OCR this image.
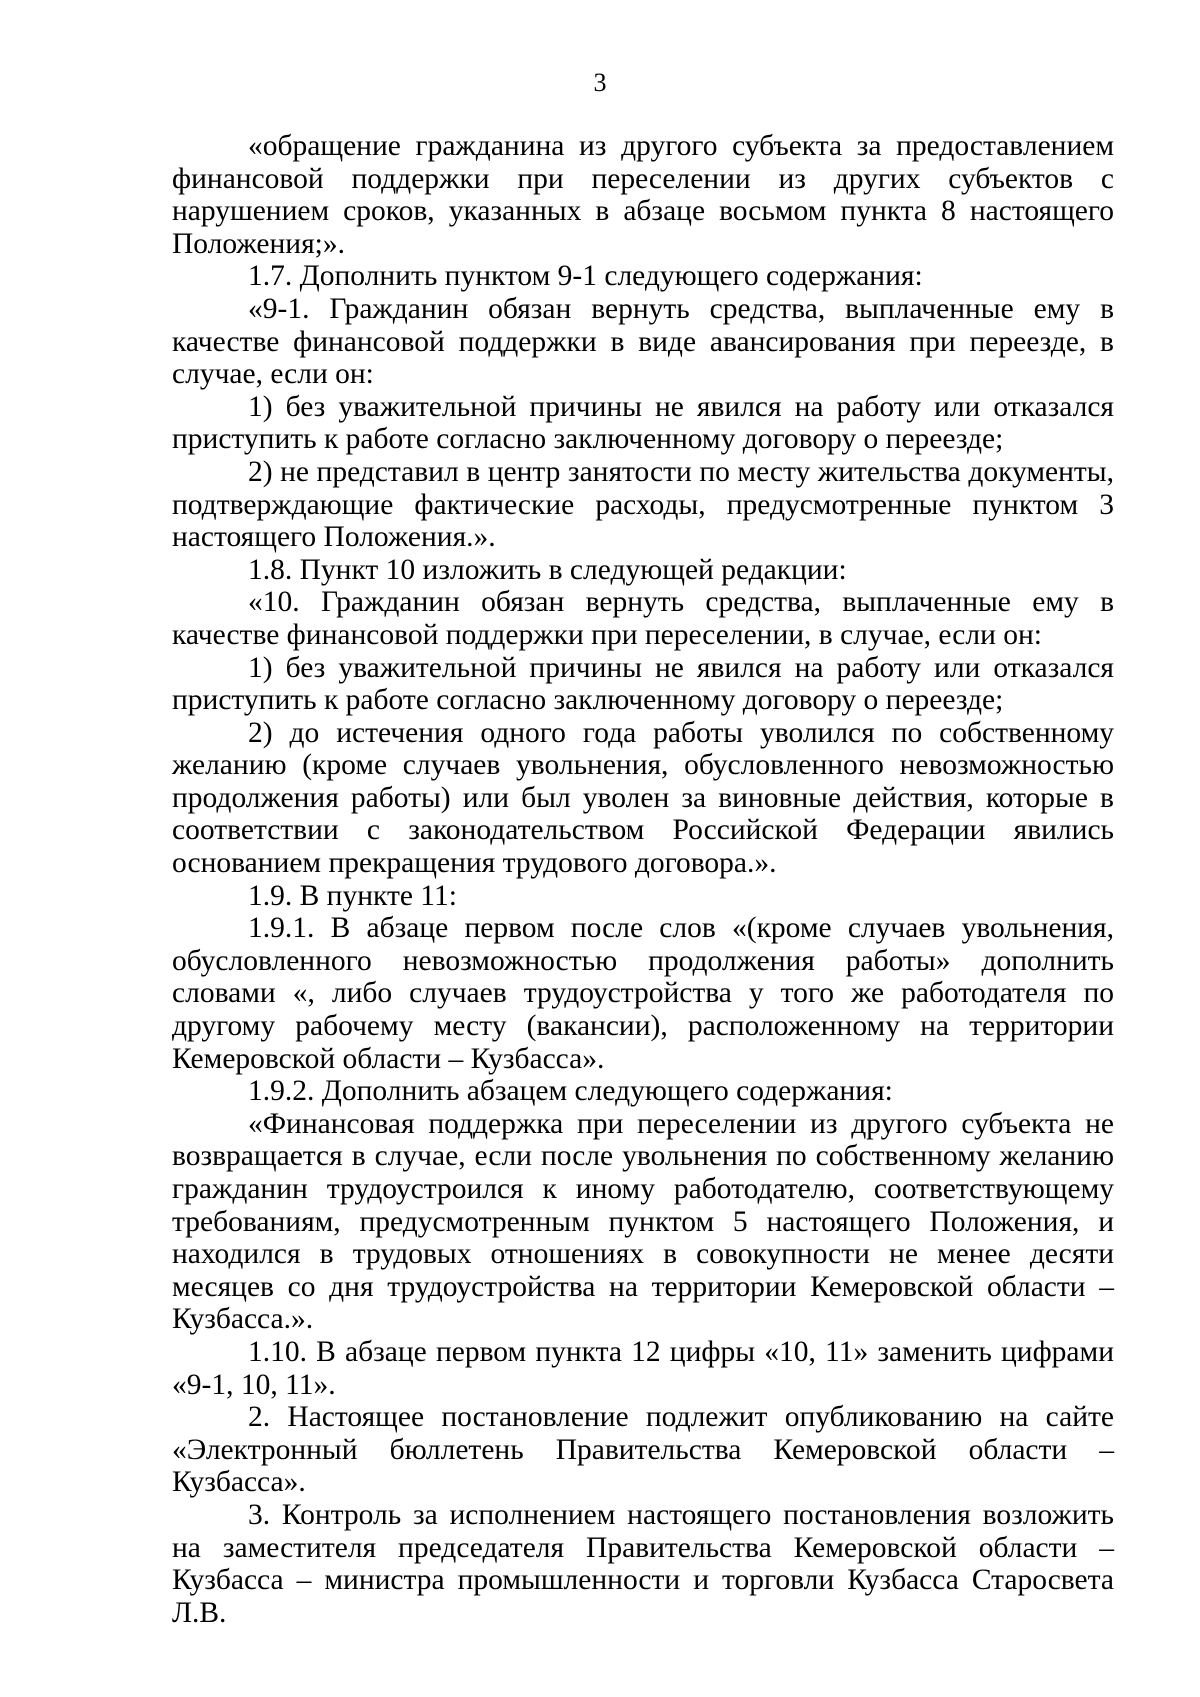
3

«обращение гражданина из другого субъекта за предоставлением финансовой поддержки при переселении из других субъектов с нарушением сроков, указанных в абзаце восьмом пункта 8 настоящего Положения;».

1.7. Дополнить пунктом 9-1 следующего содержания:

«9-1. Гражданин обязан вернуть средства, выплаченные ему в качестве финансовой поддержки в виде авансирования при переезде, в случае, если он:

1) без уважительной причины не явился на работу или отказался приступить к работе согласно заключенному договору о переезде;

2) не представил в центр занятости по месту жительства документы, подтверждающие фактические расходы, предусмотренные пунктом 3 настоящего Положения.».

1.8. Пункт 10 изложить в следующей редакции:

«10. Гражданин обязан вернуть средства, выплаченные ему в качестве финансовой поддержки при переселении, в случае, если он:

1) без уважительной причины не явился на работу или отказался приступить к работе согласно заключенному договору о переезде;

2) до истечения одного года работы уволился по собственному желанию (кроме случаев увольнения, обусловленного невозможностью продолжения работы) или был уволен за виновные действия, которые в соответствии с законодательством Российской Федерации явились основанием прекращения трудового договора.».

1.9. В пункте 11:

1.9.1. В абзаце первом после слов «(кроме случаев увольнения, обусловленного невозможностью продолжения работы» дополнить словами «, либо случаев трудоустройства у того же работодателя по другому рабочему месту (вакансии), расположенному на территории Кемеровской области – Кузбасса».

1.9.2. Дополнить абзацем следующего содержания:

«Финансовая поддержка при переселении из другого субъекта не возвращается в случае, если после увольнения по собственному желанию гражданин трудоустроился к иному работодателю, соответствующему требованиям, предусмотренным пунктом 5 настоящего Положения, и находился в трудовых отношениях в совокупности не менее десяти месяцев со дня трудоустройства на территории Кемеровской области – Кузбасса.».

1.10. В абзаце первом пункта 12 цифры «10, 11» заменить цифрами «9-1, 10, 11».

2. Настоящее постановление подлежит опубликованию на сайте «Электронный бюллетень Правительства Кемеровской области – Кузбасса».

3. Контроль за исполнением настоящего постановления возложить на заместителя председателя Правительства Кемеровской области – Кузбасса – министра промышленности и торговли Кузбасса Старосвета Л.В.
